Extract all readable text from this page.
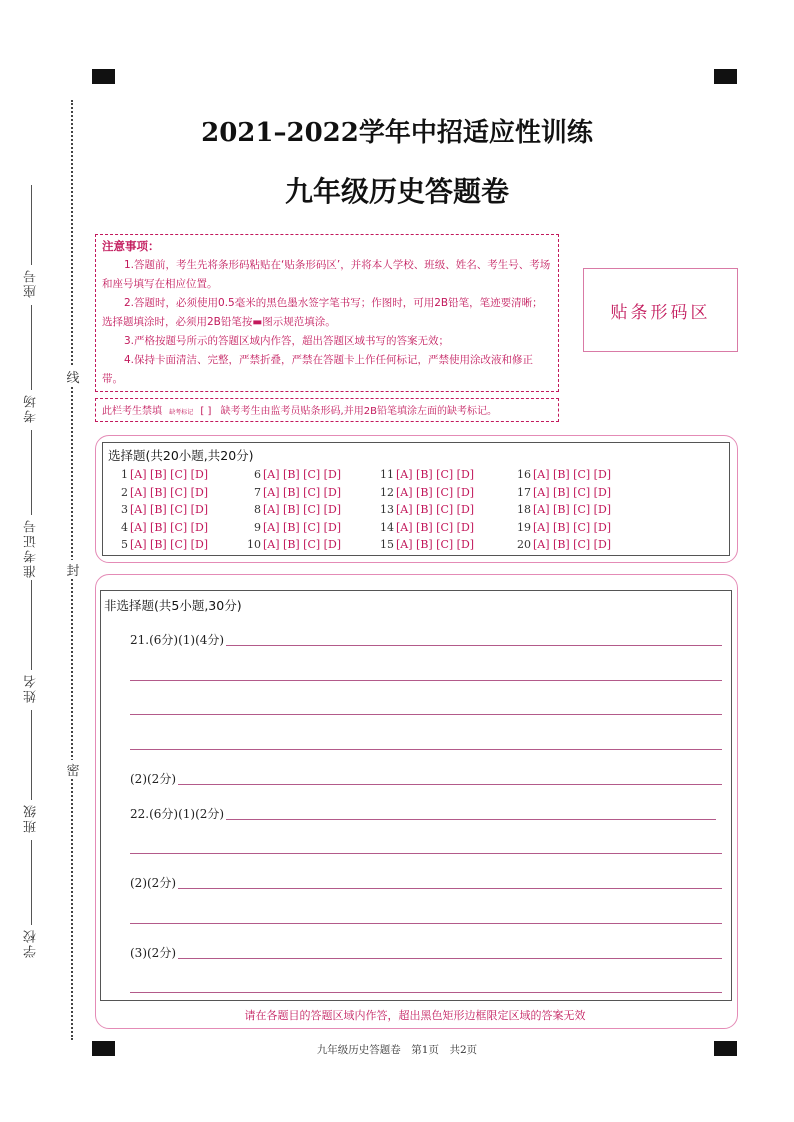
2021–2022学年中招适应性训练
九年级历史答题卷
线
封
密
座号
考场
准考证号
姓名
班级
学校
注意事项：

1.答题前，考生先将条形码粘贴在‘贴条形码区’，并将本人学校、班级、姓名、考生号、考场和座号填写在相应位置。

2.答题时，必须使用0.5毫米的黑色墨水签字笔书写；作图时，可用2B铅笔，笔迹要清晰；选择题填涂时，必须用2B铅笔按▬图示规范填涂。

3.严格按题号所示的答题区域内作答，超出答题区域书写的答案无效；

4.保持卡面清洁、完整，严禁折叠，严禁在答题卡上作任何标记，严禁使用涂改液和修正带。

此栏考生禁填 缺考标记 [ ] 缺考考生由监考员贴条形码,并用2B铅笔填涂左面的缺考标记。
贴条形码区
选择题(共20小题,共20分)
1 [A] [B] [C] [D]
2 [A] [B] [C] [D]
3 [A] [B] [C] [D]
4 [A] [B] [C] [D]
5 [A] [B] [C] [D]
6 [A] [B] [C] [D]
7 [A] [B] [C] [D]
8 [A] [B] [C] [D]
9 [A] [B] [C] [D]
10 [A] [B] [C] [D]
11 [A] [B] [C] [D]
12 [A] [B] [C] [D]
13 [A] [B] [C] [D]
14 [A] [B] [C] [D]
15 [A] [B] [C] [D]
16 [A] [B] [C] [D]
17 [A] [B] [C] [D]
18 [A] [B] [C] [D]
19 [A] [B] [C] [D]
20 [A] [B] [C] [D]
非选择题(共5小题,30分)
21.(6分)(1)(4分)
(2)(2分)
22.(6分)(1)(2分)
(2)(2分)
(3)(2分)
请在各题目的答题区域内作答，超出黑色矩形边框限定区域的答案无效
九年级历史答题卷　第1页　共2页
